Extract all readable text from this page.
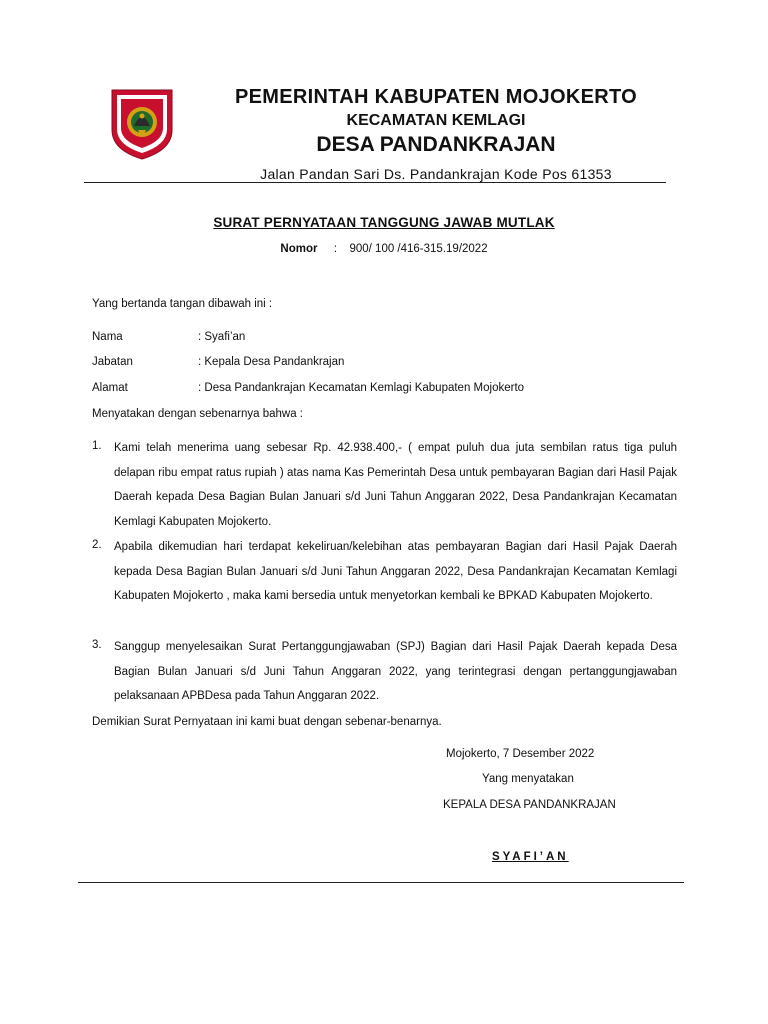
PEMERINTAH KABUPATEN MOJOKERTO
KECAMATAN KEMLAGI
DESA PANDANKRAJAN
Jalan Pandan Sari Ds. Pandankrajan Kode Pos 61353
SURAT PERNYATAAN TANGGUNG JAWAB MUTLAK
Nomor : 900/ 100 /416-315.19/2022
Yang bertanda tangan dibawah ini :
Nama	: Syafi’an
Jabatan	: Kepala Desa Pandankrajan
Alamat	: Desa Pandankrajan Kecamatan Kemlagi Kabupaten Mojokerto
Menyatakan dengan sebenarnya bahwa :
1. Kami telah menerima uang sebesar Rp. 42.938.400,- ( empat puluh dua juta sembilan ratus tiga puluh delapan ribu empat ratus rupiah ) atas nama Kas Pemerintah Desa untuk pembayaran Bagian dari Hasil Pajak Daerah kepada Desa Bagian Bulan Januari s/d Juni Tahun Anggaran 2022, Desa Pandankrajan Kecamatan Kemlagi Kabupaten Mojokerto.
2. Apabila dikemudian hari terdapat kekeliruan/kelebihan atas pembayaran Bagian dari Hasil Pajak Daerah kepada Desa Bagian Bulan Januari s/d Juni Tahun Anggaran 2022, Desa Pandankrajan Kecamatan Kemlagi Kabupaten Mojokerto , maka kami bersedia untuk menyetorkan kembali ke BPKAD Kabupaten Mojokerto.
3. Sanggup menyelesaikan Surat Pertanggungjawaban (SPJ) Bagian dari Hasil Pajak Daerah kepada Desa Bagian Bulan Januari s/d Juni Tahun Anggaran 2022, yang terintegrasi dengan pertanggungjawaban pelaksanaan APBDesa pada Tahun Anggaran 2022.
Demikian Surat Pernyataan ini kami buat dengan sebenar-benarnya.
Mojokerto, 7 Desember 2022
Yang menyatakan
KEPALA DESA PANDANKRAJAN
SYAFI’AN
